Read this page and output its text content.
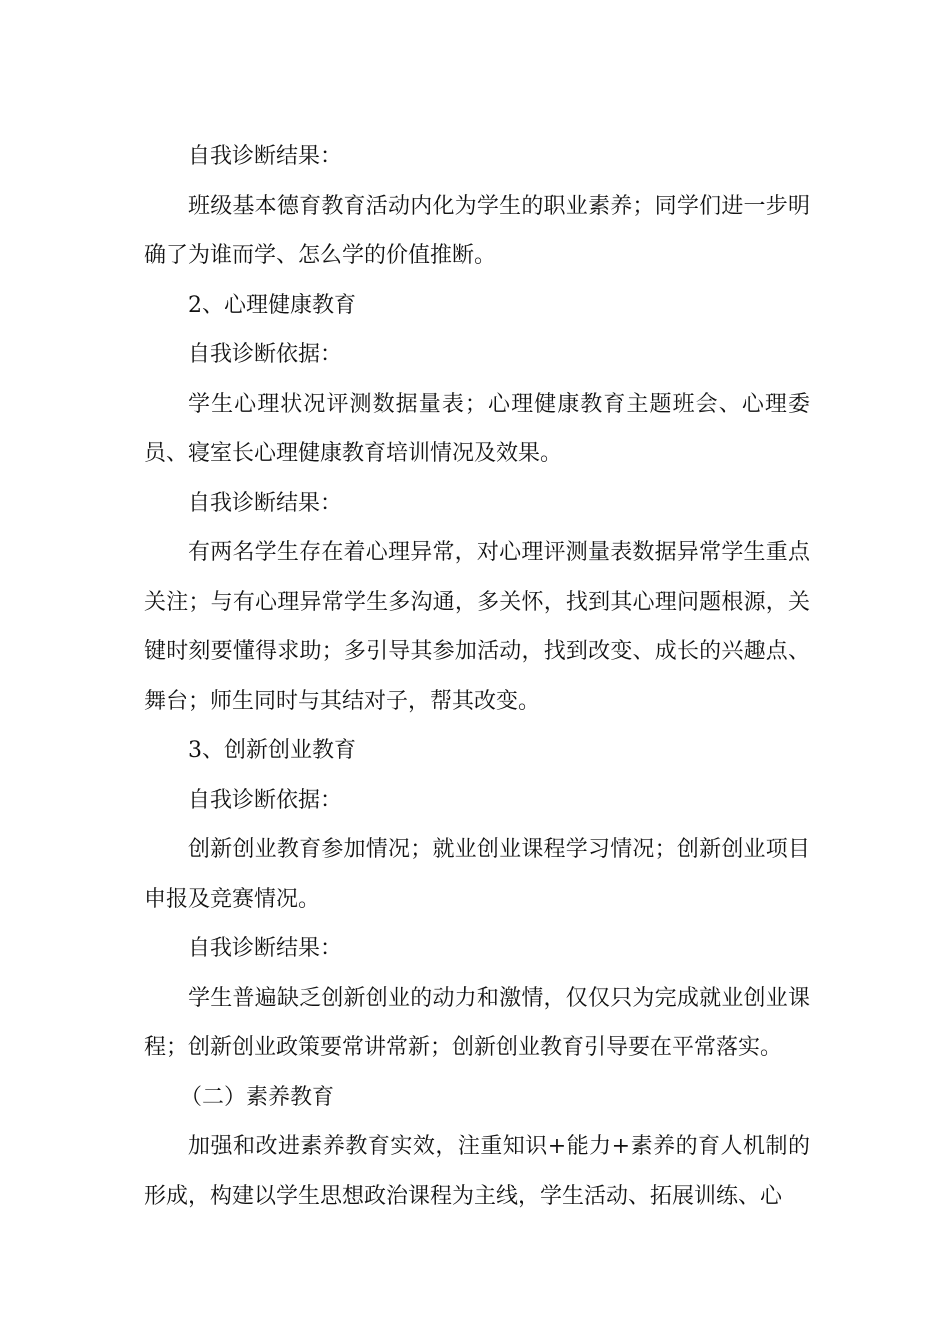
自我诊断结果：

班级基本德育教育活动内化为学生的职业素养；同学们进一步明确了为谁而学、怎么学的价值推断。

2、心理健康教育

自我诊断依据：

学生心理状况评测数据量表；心理健康教育主题班会、心理委员、寝室长心理健康教育培训情况及效果。

自我诊断结果：

有两名学生存在着心理异常，对心理评测量表数据异常学生重点关注；与有心理异常学生多沟通，多关怀，找到其心理问题根源，关键时刻要懂得求助；多引导其参加活动，找到改变、成长的兴趣点、舞台；师生同时与其结对子，帮其改变。

3、创新创业教育

自我诊断依据：

创新创业教育参加情况；就业创业课程学习情况；创新创业项目申报及竞赛情况。

自我诊断结果：

学生普遍缺乏创新创业的动力和激情，仅仅只为完成就业创业课程；创新创业政策要常讲常新；创新创业教育引导要在平常落实。

（二）素养教育

加强和改进素养教育实效，注重知识+能力+素养的育人机制的形成，构建以学生思想政治课程为主线，学生活动、拓展训练、心
